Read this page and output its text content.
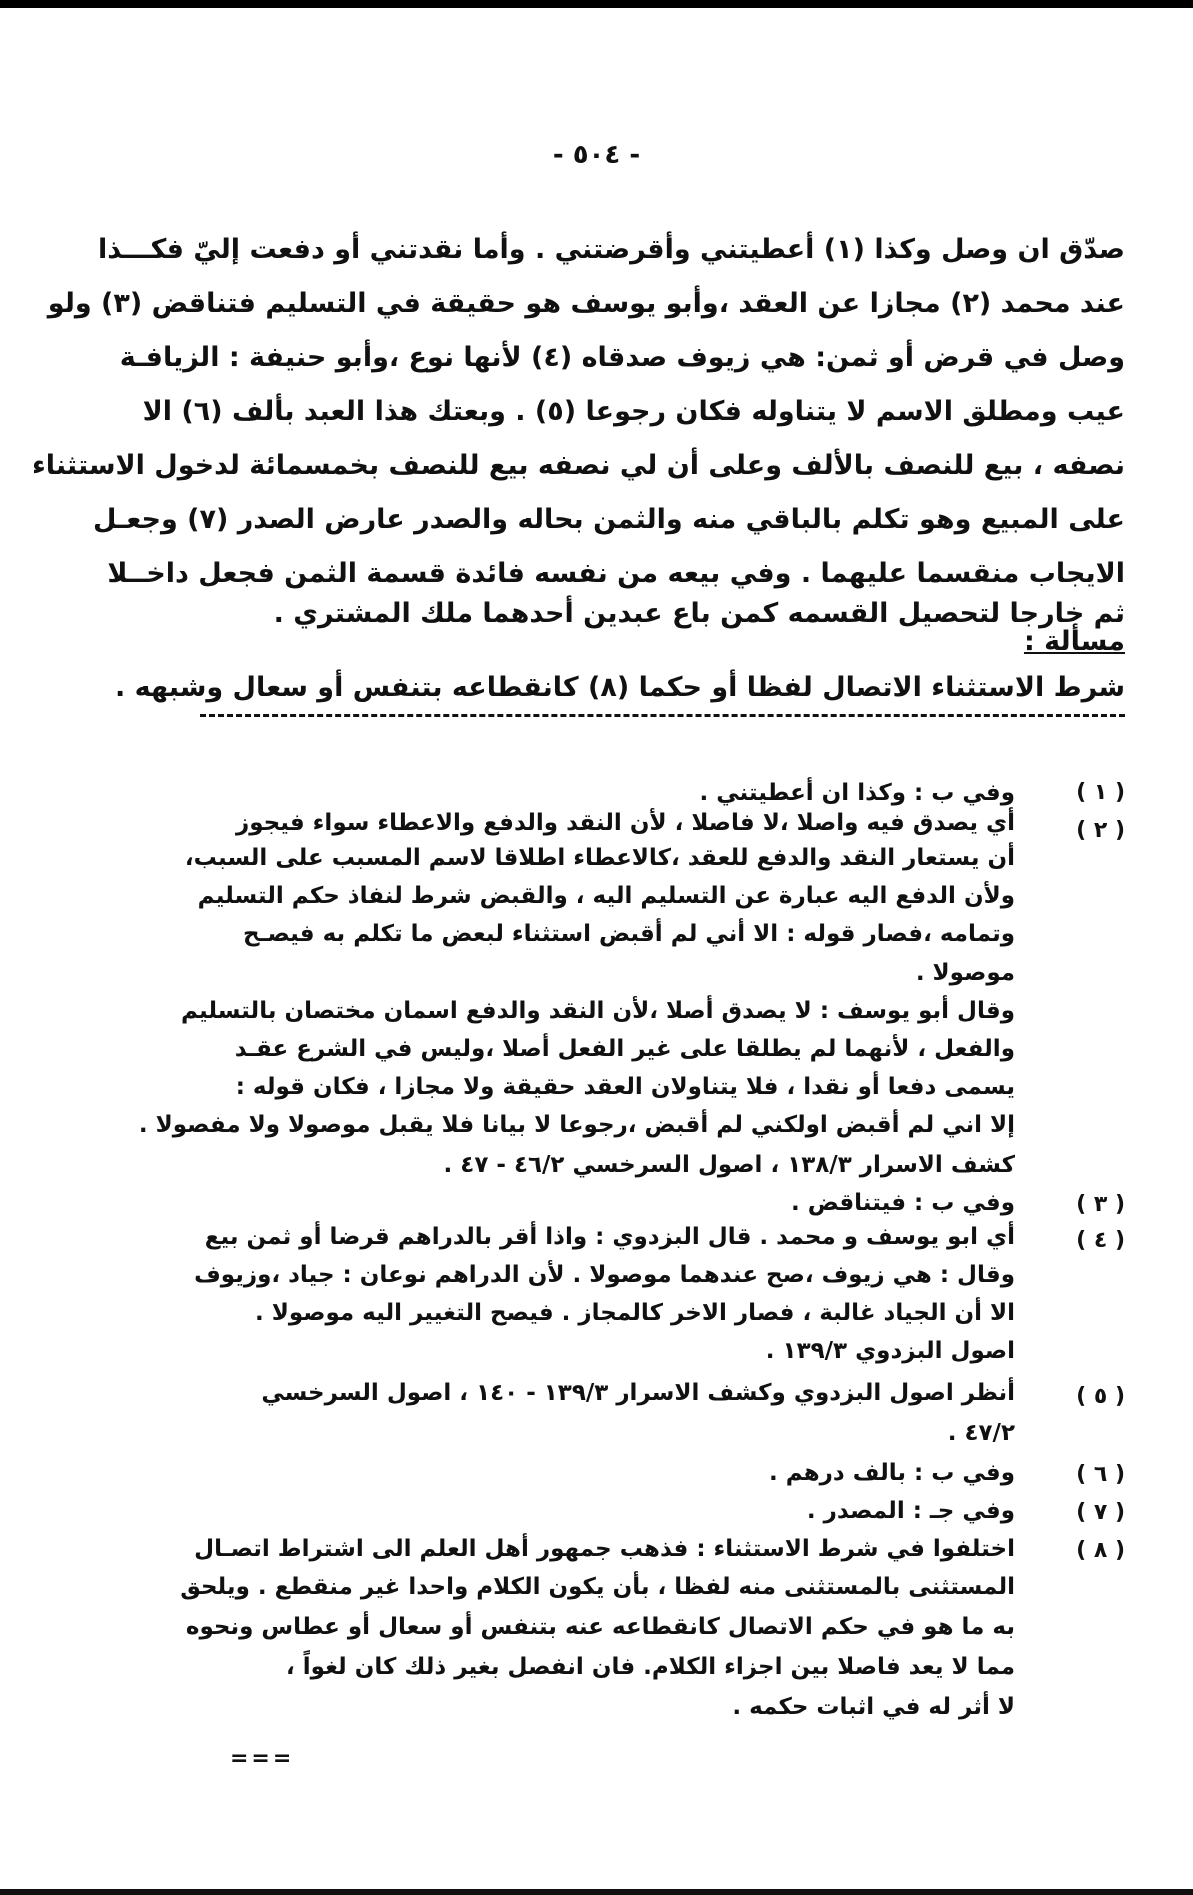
- ٥٠٤ -
صدّق ان وصل وكذا (١) أعطيتني وأقرضتني . وأما نقدتني أو دفعت إليّ فكـــذا
عند محمد (٢) مجازا عن العقد ،وأبو يوسف هو حقيقة في التسليم فتناقض (٣) ولو
وصل في قرض أو ثمن: هي زيوف صدقاه (٤) لأنها نوع ،وأبو حنيفة : الزيافـة
عيب ومطلق الاسم لا يتناوله فكان رجوعا (٥) . وبعتك هذا العبد بألف (٦) الا
نصفه ، بيع للنصف بالألف وعلى أن لي نصفه بيع للنصف بخمسمائة لدخول الاستثناء
على المبيع وهو تكلم بالباقي منه والثمن بحاله والصدر عارض الصدر (٧) وجعـل
الايجاب منقسما عليهما . وفي بيعه من نفسه فائدة قسمة الثمن فجعل داخــلا
ثم خارجا لتحصيل القسمه كمن باع عبدين أحدهما ملك المشتري .
مسألة :
شرط الاستثناء الاتصال لفظا أو حكما (٨) كانقطاعه بتنفس أو سعال وشبهه .
( ١ )
وفي ب : وكذا ان أعطيتني .
( ٢ )
أي يصدق فيه واصلا ،لا فاصلا ، لأن النقد والدفع والاعطاء سواء فيجوز
أن يستعار النقد والدفع للعقد ،كالاعطاء اطلاقا لاسم المسبب على السبب،
ولأن الدفع اليه عبارة عن التسليم اليه ، والقبض شرط لنفاذ حكم التسليم
وتمامه ،فصار قوله : الا أني لم أقبض استثناء لبعض ما تكلم به فيصـح
موصولا .
وقال أبو يوسف : لا يصدق أصلا ،لأن النقد والدفع اسمان مختصان بالتسليم
والفعل ، لأنهما لم يطلقا على غير الفعل أصلا ،وليس في الشرع عقـد
يسمى دفعا أو نقدا ، فلا يتناولان العقد حقيقة ولا مجازا ، فكان قوله :
إلا اني لم أقبض اولكني لم أقبض ،رجوعا لا بيانا فلا يقبل موصولا ولا مفصولا .
كشف الاسرار ١٣٨/٣ ، اصول السرخسي ٤٦/٢ - ٤٧ .
( ٣ )
وفي ب : فيتناقض .
( ٤ )
أي ابو يوسف و محمد . قال البزدوي : واذا أقر بالدراهم قرضا أو ثمن بيع
وقال : هي زيوف ،صح عندهما موصولا . لأن الدراهم نوعان : جياد ،وزيوف
الا أن الجياد غالبة ، فصار الاخر كالمجاز . فيصح التغيير اليه موصولا .
اصول البزدوي ١٣٩/٣ .
( ٥ )
أنظر اصول البزدوي وكشف الاسرار ١٣٩/٣ - ١٤٠ ، اصول السرخسي
٤٧/٢ .
( ٦ )
وفي ب : بالف درهم .
( ٧ )
وفي جـ : المصدر .
( ٨ )
اختلفوا في شرط الاستثناء : فذهب جمهور أهل العلم الى اشتراط اتصـال
المستثنى بالمستثنى منه لفظا ، بأن يكون الكلام واحدا غير منقطع . ويلحق
به ما هو في حكم الاتصال كانقطاعه عنه بتنفس أو سعال أو عطاس ونحوه
مما لا يعد فاصلا بين اجزاء الكلام. فان انفصل بغير ذلك كان لغواً ،
لا أثر له في اثبات حكمه .
===
